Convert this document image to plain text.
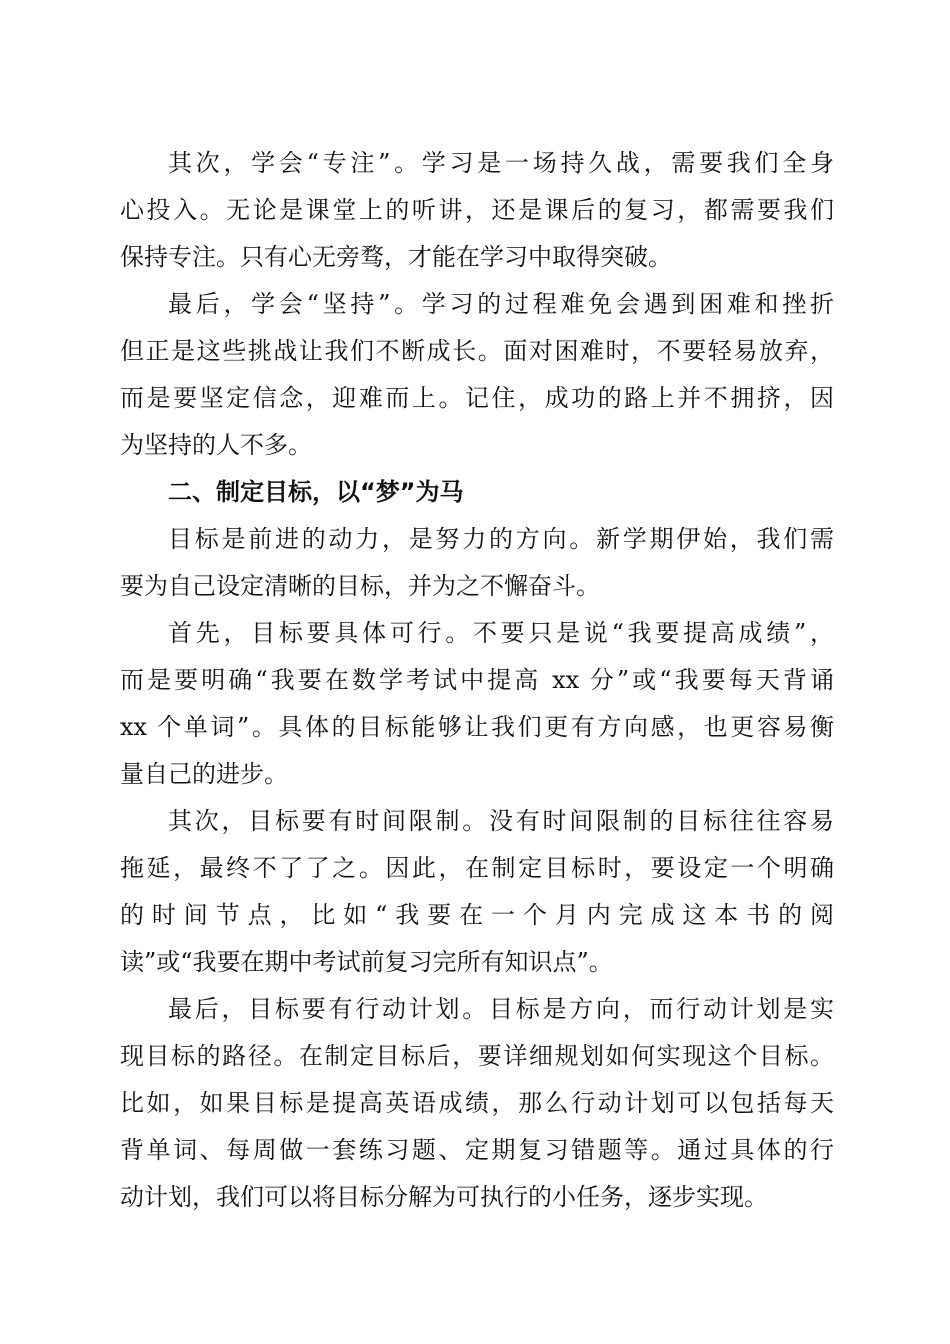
其次，学会“专注”。学习是一场持久战，需要我们全身
心投入。无论是课堂上的听讲，还是课后的复习，都需要我们
保持专注。只有心无旁骛，才能在学习中取得突破。
最后，学会“坚持”。学习的过程难免会遇到困难和挫折
但正是这些挑战让我们不断成长。面对困难时，不要轻易放弃，
而是要坚定信念，迎难而上。记住，成功的路上并不拥挤，因
为坚持的人不多。
二、制定目标，以“梦”为马
目标是前进的动力，是努力的方向。新学期伊始，我们需
要为自己设定清晰的目标，并为之不懈奋斗。
首先，目标要具体可行。不要只是说“我要提高成绩”，
而是要明确“我要在数学考试中提高 xx 分”或“我要每天背诵
xx 个单词”。具体的目标能够让我们更有方向感，也更容易衡
量自己的进步。
其次，目标要有时间限制。没有时间限制的目标往往容易
拖延，最终不了了之。因此，在制定目标时，要设定一个明确
的时间节点，比如“我要在一个月内完成这本书的阅
读”或“我要在期中考试前复习完所有知识点”。
最后，目标要有行动计划。目标是方向，而行动计划是实
现目标的路径。在制定目标后，要详细规划如何实现这个目标。
比如，如果目标是提高英语成绩，那么行动计划可以包括每天
背单词、每周做一套练习题、定期复习错题等。通过具体的行
动计划，我们可以将目标分解为可执行的小任务，逐步实现。
